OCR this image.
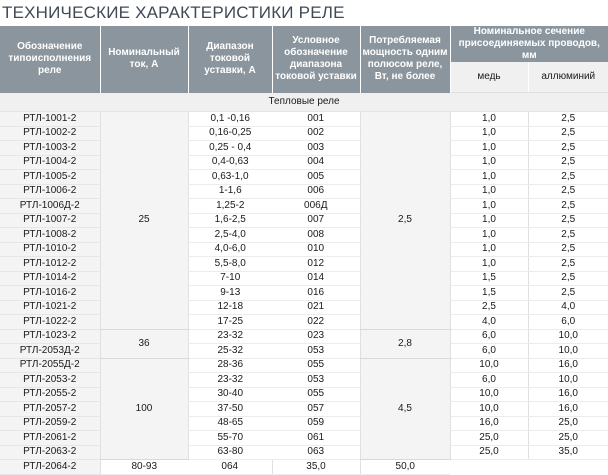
ТЕХНИЧЕСКИЕ ХАРАКТЕРИСТИКИ РЕЛЕ
Обозначение типоисполнения реле	Номинальный ток, А	Диапазон токовой уставки, А	Условное обозначение диапазона токовой уставки	Потребляемая мощность одним полюсом реле, Вт, не более	Номинальное сечение присоединяемых проводов, мм	
					медь	аллюминий
Тепловые реле						
РТЛ-1001-2	25	0,1 -0,16	001	2,5	1,0	2,5
РТЛ-1002-2		0,16-0,25	002		1,0	2,5
РТЛ-1003-2		0,25 - 0,4	003		1,0	2,5
РТЛ-1004-2		0,4-0,63	004		1,0	2,5
РТЛ-1005-2		0,63-1,0	005		1,0	2,5
РТЛ-1006-2		1-1,6	006		1,0	2,5
РТЛ-1006Д-2		1,25-2	006Д		1,0	2,5
РТЛ-1007-2		1,6-2,5	007		1,0	2,5
РТЛ-1008-2		2,5-4,0	008		1,0	2,5
РТЛ-1010-2		4,0-6,0	010		1,0	2,5
РТЛ-1012-2		5,5-8,0	012		1,0	2,5
РТЛ-1014-2		7-10	014		1,5	2,5
РТЛ-1016-2		9-13	016		1,5	2,5
РТЛ-1021-2		12-18	021		2,5	4,0
РТЛ-1022-2		17-25	022		4,0	6,0
РТЛ-1023-2	36	23-32	023	2,8	6,0	10,0
РТЛ-2053Д-2		25-32	053		6,0	10,0
РТЛ-2055Д-2	100	28-36	055	4,5	10,0	16,0
РТЛ-2053-2		23-32	053		6,0	10,0
РТЛ-2055-2		30-40	055		10,0	16,0
РТЛ-2057-2		37-50	057		10,0	16,0
РТЛ-2059-2		48-65	059		16,0	25,0
РТЛ-2061-2		55-70	061		25,0	25,0
РТЛ-2063-2		63-80	063		25,0	35,0
РТЛ-2064-2	80-93	064	35,0	50,0		
